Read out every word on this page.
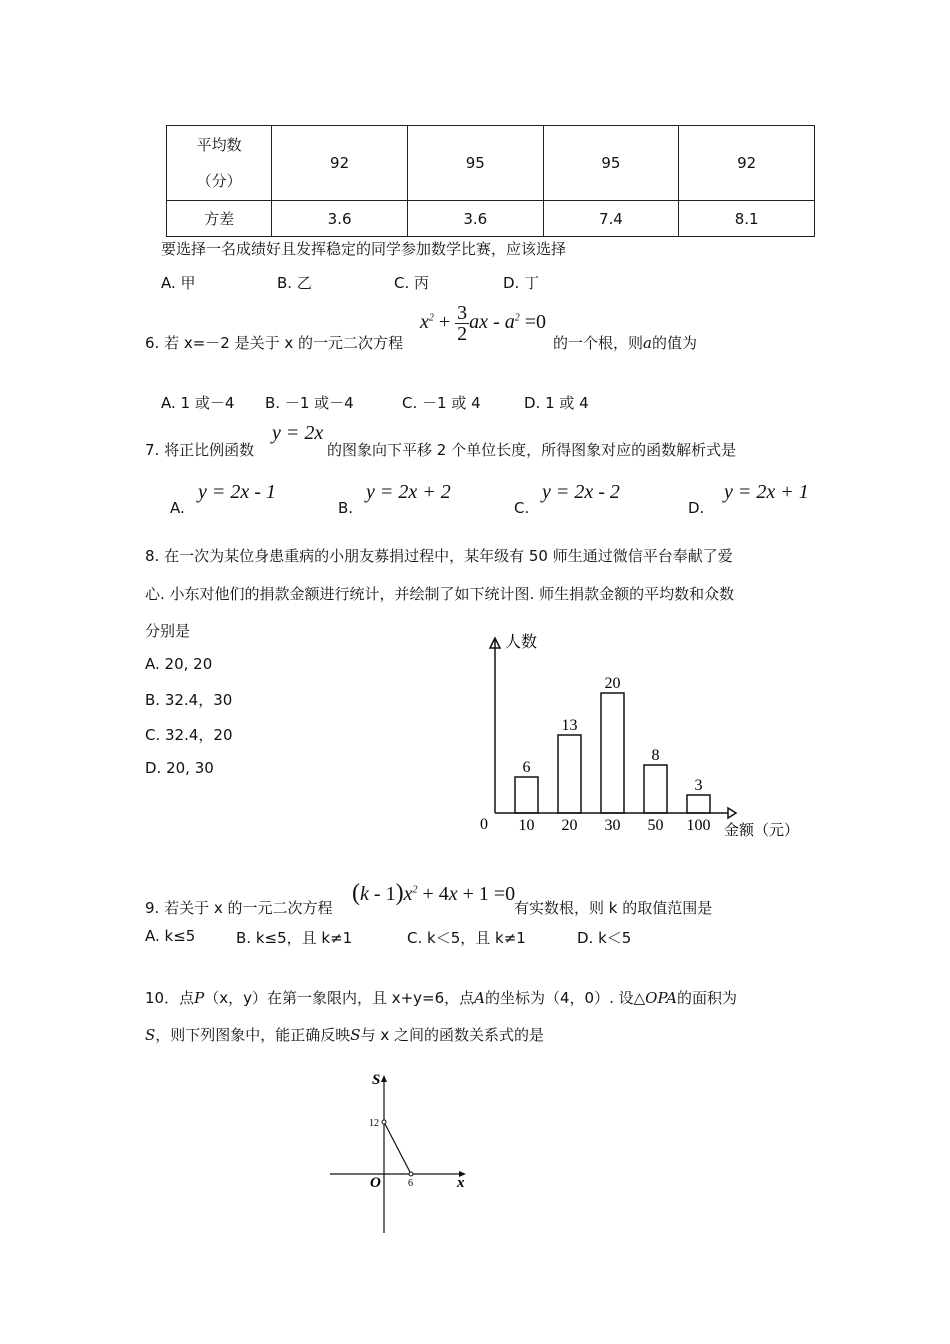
平均数
（分）	92	95	95	92
方差	3.6	3.6	7.4	8.1
要选择一名成绩好且发挥稳定的同学参加数学比赛，应该选择
A. 甲	B. 乙	C. 丙	D. 丁
6. 若 x=－2 是关于 x 的一元二次方程
$x^2 + \frac{3}{2}$ ax - $a^2 =0$
的一个根，则a的值为
A. 1 或－4 B. －1 或－4	C. －1 或 4	D. 1 或 4
7. 将正比例函数
y = 2x
的图象向下平移 2 个单位长度，所得图象对应的函数解析式是
A.
y = 2x - 1
B.
y = 2x + 2
C.
y = 2x - 2
D.
y = 2x + 1
8. 在一次为某位身患重病的小朋友募捐过程中，某年级有 50 师生通过微信平台奉献了爱
心. 小东对他们的捐款金额进行统计，并绘制了如下统计图. 师生捐款金额的平均数和众数
分别是
A. 20, 20
B. 32.4，30
C. 32.4，20
D. 20, 30	6
10
13
20
20
30
8
50
3
100
人数
金额（元）
0
9. 若关于 x 的一元二次方程
$(k - 1)x^2 + 4x + 1 =0$
有实数根，则 k 的取值范围是
A. k≤5	B. k≤5，且 k≠1	C. k＜5，且 k≠1	D. k＜5
10．点P（x，y）在第一象限内，且 x+y=6，点A的坐标为（4，0）. 设△OPA的面积为
S，则下列图象中，能正确反映S与 x 之间的函数关系式的是
S
x
O
12
6
